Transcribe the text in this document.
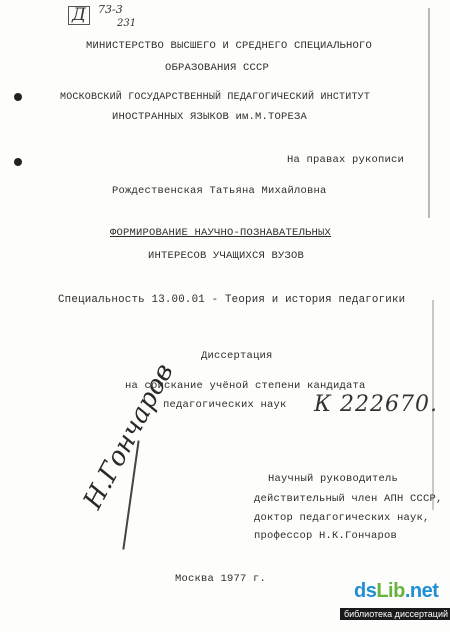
Д	73-3
231
МИНИСТЕРСТВО ВЫСШЕГО И СРЕДНЕГО СПЕЦИАЛЬНОГО
ОБРАЗОВАНИЯ СССР
МОСКОВСКИЙ ГОСУДАРСТВЕННЫЙ ПЕДАГОГИЧЕСКИЙ ИНСТИТУТ
ИНОСТРАННЫХ ЯЗЫКОВ им.М.ТОРЕЗА
На правах рукописи
Рождественская Татьяна Михайловна
ФОРМИРОВАНИЕ НАУЧНО-ПОЗНАВАТЕЛЬНЫХ
ИНТЕРЕСОВ УЧАЩИХСЯ ВУЗОВ
Специальность 13.00.01 - Теория и история педагогики
Диссертация
на соискание учёной степени кандидата
педагогических наук К 222670.
Н.Гончаров	Научный руководитель
действительный член АПН СССР,
доктор педагогических наук,
профессор Н.К.Гончаров
Москва 1977 г.
dsLib.net
библиотека диссертаций
